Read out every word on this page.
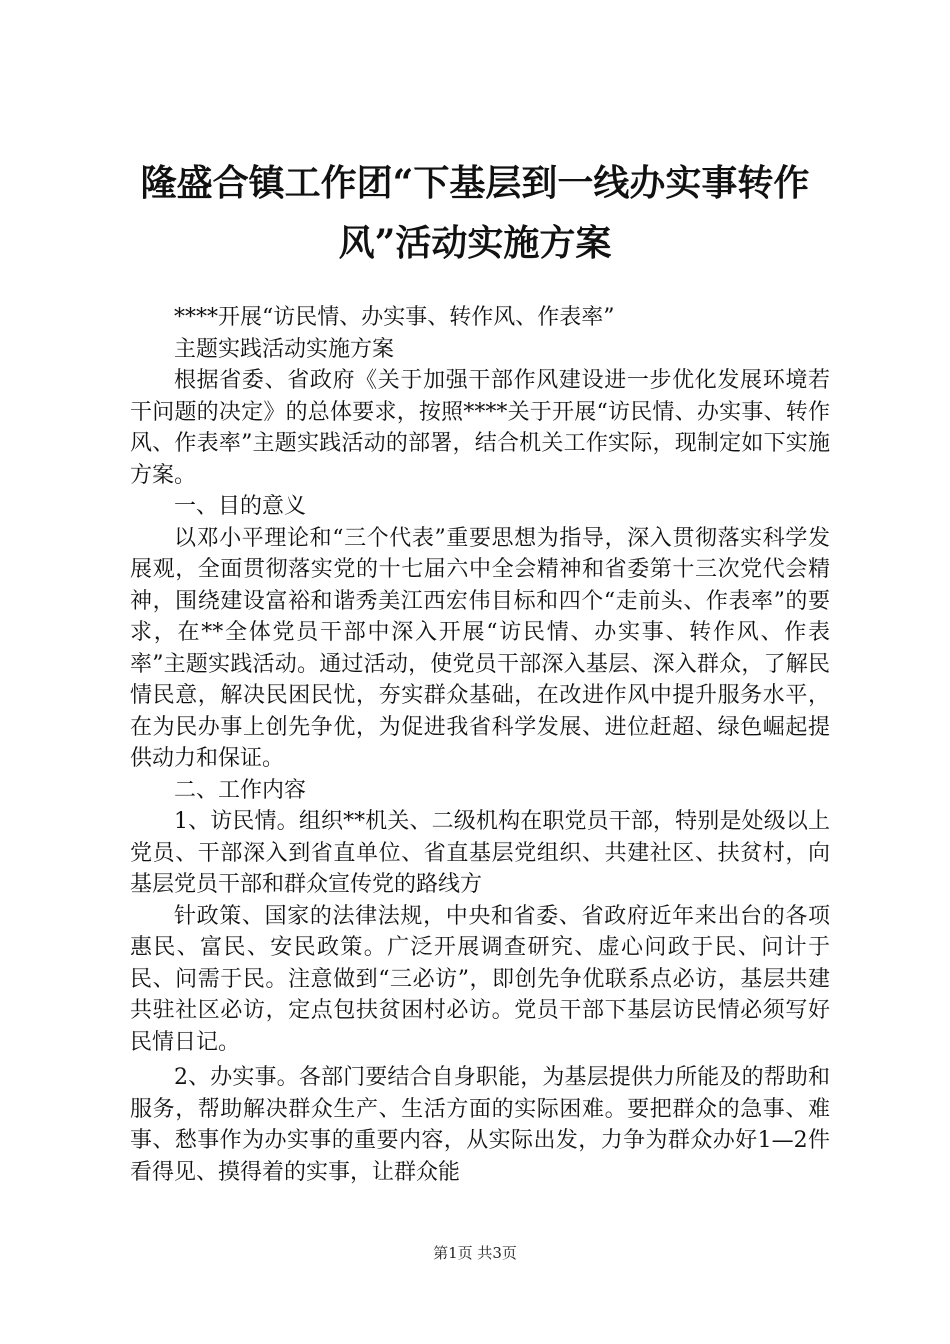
隆盛合镇工作团“下基层到一线办实事转作
风”活动实施方案

****开展“访民情、办实事、转作风、作表率”

主题实践活动实施方案

根据省委、省政府《关于加强干部作风建设进一步优化发展环境若干问题的决定》的总体要求，按照****关于开展“访民情、办实事、转作风、作表率”主题实践活动的部署，结合机关工作实际，现制定如下实施方案。

一、目的意义

以邓小平理论和“三个代表”重要思想为指导，深入贯彻落实科学发展观，全面贯彻落实党的十七届六中全会精神和省委第十三次党代会精神，围绕建设富裕和谐秀美江西宏伟目标和四个“走前头、作表率”的要求，在**全体党员干部中深入开展“访民情、办实事、转作风、作表率”主题实践活动。通过活动，使党员干部深入基层、深入群众，了解民情民意，解决民困民忧，夯实群众基础，在改进作风中提升服务水平，在为民办事上创先争优，为促进我省科学发展、进位赶超、绿色崛起提供动力和保证。

二、工作内容

1、访民情。组织**机关、二级机构在职党员干部，特别是处级以上党员、干部深入到省直单位、省直基层党组织、共建社区、扶贫村，向基层党员干部和群众宣传党的路线方

针政策、国家的法律法规，中央和省委、省政府近年来出台的各项惠民、富民、安民政策。广泛开展调查研究、虚心问政于民、问计于民、问需于民。注意做到“三必访”，即创先争优联系点必访，基层共建共驻社区必访，定点包扶贫困村必访。党员干部下基层访民情必须写好民情日记。

2、办实事。各部门要结合自身职能，为基层提供力所能及的帮助和服务，帮助解决群众生产、生活方面的实际困难。要把群众的急事、难事、愁事作为办实事的重要内容，从实际出发，力争为群众办好1—2件看得见、摸得着的实事，让群众能

第1页 共3页
